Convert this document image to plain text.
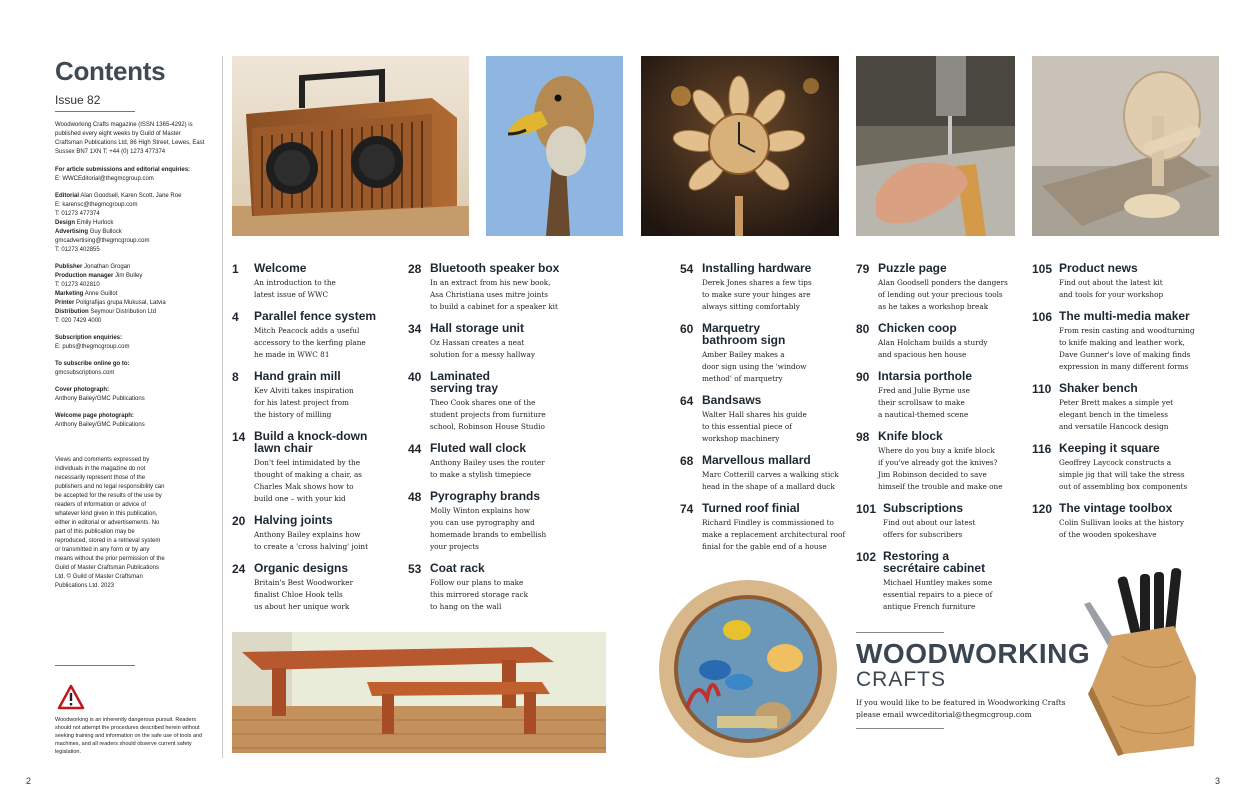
Contents
Issue 82
Woodworking Crafts magazine (ISSN 1365-4292) is published every eight weeks by Guild of Master Craftsman Publications Ltd, 86 High Street, Lewes, East Sussex BN7 1XN T: +44 (0) 1273 477374
For article submissions and editorial enquiries:
E: WWCEditorial@thegmcgroup.com
Editorial Alan Goodsell, Karen Scott, Jane Roe
E: karensc@thegmcgroup.com
T: 01273 477374
Design Emily Hurlock
Advertising Guy Bullock
gmcadvertising@thegmcgroup.com
T: 01273 402855
Publisher Jonathan Grogan
Production manager Jim Bulley
T: 01273 402810
Marketing Anne Guillot
Printer Poligrafijas grupa Mukusal, Latvia
Distribution Seymour Distribution Ltd
T: 020 7429 4000
Subscription enquiries:
E: pubs@thegmcgroup.com
To subscribe online go to:
gmcsubscriptions.com
Cover photograph:
Anthony Bailey/GMC Publications
Welcome page photograph:
Anthony Bailey/GMC Publications
Views and comments expressed by individuals in the magazine do not necessarily represent those of the publishers and no legal responsibility can be accepted for the results of the use by readers of information or advice of whatever kind given in this publication, either in editorial or advertisements. No part of this publication may be reproduced, stored in a retrieval system or transmitted in any form or by any means without the prior permission of the Guild of Master Craftsman Publications Ltd. © Guild of Master Craftsman Publications Ltd. 2023
Woodworking is an inherently dangerous pursuit. Readers should not attempt the procedures described herein without seeking training and information on the safe use of tools and machines, and all readers should observe current safety legislation.
2	3
1 Welcome
An introduction to the
latest issue of WWC
4 Parallel fence system
Mitch Peacock adds a useful
accessory to the kerfing plane
he made in WWC 81
8 Hand grain mill
Kev Alviti takes inspiration
for his latest project from
the history of milling
14 Build a knock-down
lawn chair
Don't feel intimidated by the
thought of making a chair, as
Charles Mak shows how to
build one – with your kid
20 Halving joints
Anthony Bailey explains how
to create a 'cross halving' joint
24 Organic designs
Britain's Best Woodworker
finalist Chloe Hook tells
us about her unique work
28 Bluetooth speaker box
In an extract from his new book,
Asa Christiana uses mitre joints
to build a cabinet for a speaker kit
34 Hall storage unit
Oz Hassan creates a neat
solution for a messy hallway
40 Laminated
serving tray
Theo Cook shares one of the
student projects from furniture
school, Robinson House Studio
44 Fluted wall clock
Anthony Bailey uses the router
to make a stylish timepiece
48 Pyrography brands
Molly Winton explains how
you can use pyrography and
homemade brands to embellish
your projects
53 Coat rack
Follow our plans to make
this mirrored storage rack
to hang on the wall
54 Installing hardware
Derek Jones shares a few tips
to make sure your hinges are
always sitting comfortably
60 Marquetry
bathroom sign
Amber Bailey makes a
door sign using the 'window
method' of marquetry
64 Bandsaws
Walter Hall shares his guide
to this essential piece of
workshop machinery
68 Marvellous mallard
Marc Cotterill carves a walking stick
head in the shape of a mallard duck
74 Turned roof finial
Richard Findley is commissioned to
make a replacement architectural roof
finial for the gable end of a house
79 Puzzle page
Alan Goodsell ponders the dangers
of lending out your precious tools
as he takes a workshop break
80 Chicken coop
Alan Holcham builds a sturdy
and spacious hen house
90 Intarsia porthole
Fred and Julie Byrne use
their scrollsaw to make
a nautical-themed scene
98 Knife block
Where do you buy a knife block
if you've already got the knives?
Jim Robinson decided to save
himself the trouble and make one
101 Subscriptions
Find out about our latest
offers for subscribers
102 Restoring a
secrétaire cabinet
Michael Huntley makes some
essential repairs to a piece of
antique French furniture
105 Product news
Find out about the latest kit
and tools for your workshop
106 The multi-media maker
From resin casting and woodturning
to knife making and leather work,
Dave Gunner's love of making finds
expression in many different forms
110 Shaker bench
Peter Brett makes a simple yet
elegant bench in the timeless
and versatile Hancock design
116 Keeping it square
Geoffrey Laycock constructs a
simple jig that will take the stress
out of assembling box components
120 The vintage toolbox
Colin Sullivan looks at the history
of the wooden spokeshave
WOODWORKING
CRAFTS
If you would like to be featured in Woodworking Crafts please email wwceditorial@thegmcgroup.com
